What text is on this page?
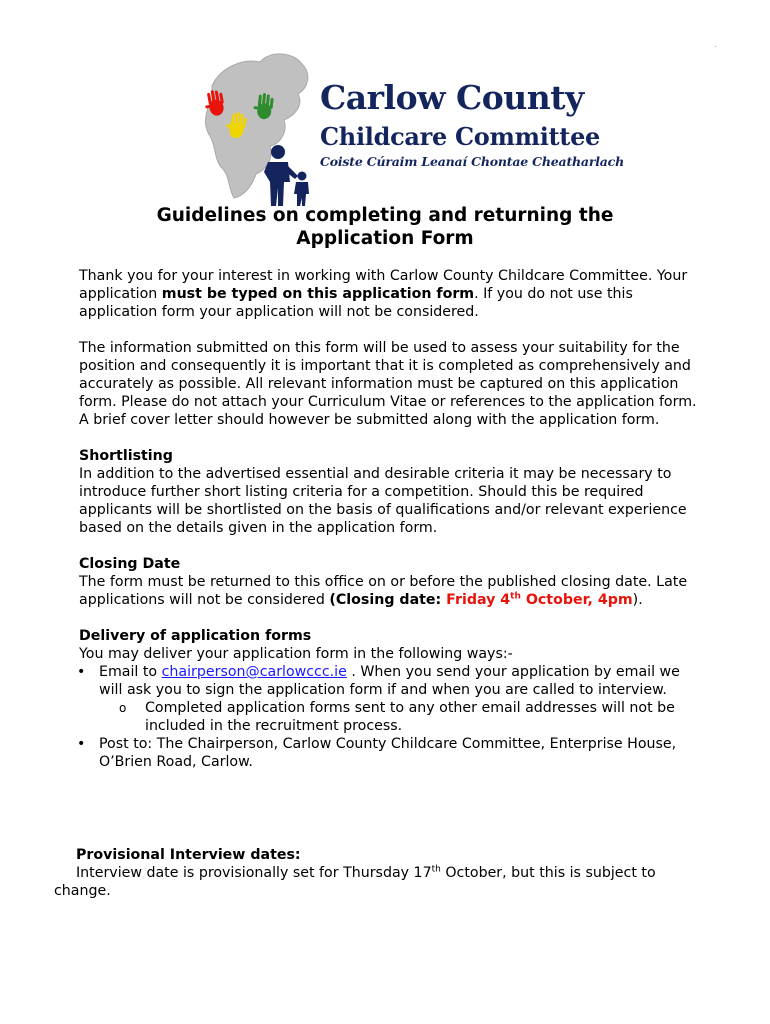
.
Carlow County
Childcare Committee
Coiste Cúraim Leanaí Chontae Cheatharlach
Guidelines on completing and returning the
Application Form

Thank you for your interest in working with Carlow County Childcare Committee. Your application must be typed on this application form. If you do not use this application form your application will not be considered.

The information submitted on this form will be used to assess your suitability for the position and consequently it is important that it is completed as comprehensively and accurately as possible. All relevant information must be captured on this application form. Please do not attach your Curriculum Vitae or references to the application form. A brief cover letter should however be submitted along with the application form.

Shortlisting

In addition to the advertised essential and desirable criteria it may be necessary to introduce further short listing criteria for a competition. Should this be required applicants will be shortlisted on the basis of qualifications and/or relevant experience based on the details given in the application form.

Closing Date

The form must be returned to this office on or before the published closing date. Late applications will not be considered (Closing date: Friday 4th October, 4pm).

Delivery of application forms
You may deliver your application form in the following ways:-
• Email to chairperson@carlowccc.ie . When you send your application by email we will ask you to sign the application form if and when you are called to interview.
o Completed application forms sent to any other email addresses will not be included in the recruitment process.
• Post to: The Chairperson, Carlow County Childcare Committee, Enterprise House, O’Brien Road, Carlow.
Provisional Interview dates:
Interview date is provisionally set for Thursday 17th October, but this is subject to change.
